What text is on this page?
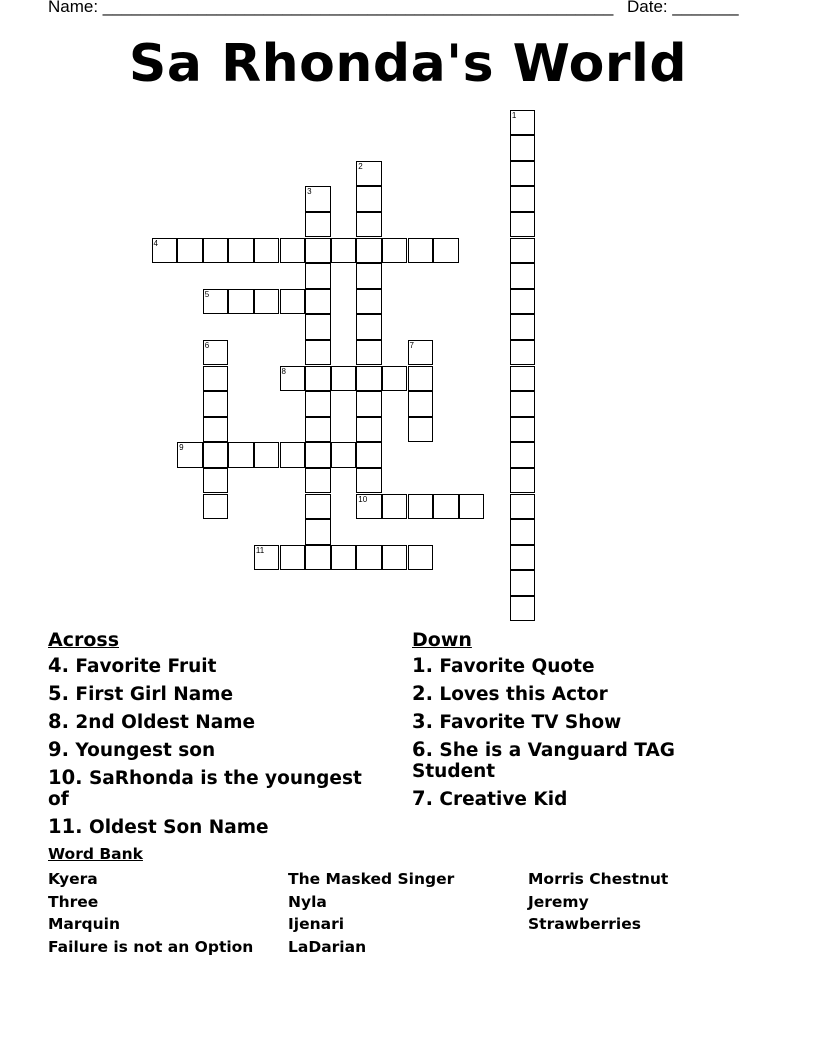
Name: ______________________________________________________ Date: _______
Sa Rhonda's World
1
2
3
4
5
6	7
8
9
10
11
Across
4. Favorite Fruit
5. First Girl Name
8. 2nd Oldest Name
9. Youngest son
10. SaRhonda is the youngest of
11. Oldest Son Name
Down
1. Favorite Quote
2. Loves this Actor
3. Favorite TV Show
6. She is a Vanguard TAG Student
7. Creative Kid
Word Bank
Kyera
Three
Marquin
Failure is not an Option
The Masked Singer
Nyla
Ijenari
LaDarian
Morris Chestnut
Jeremy
Strawberries
